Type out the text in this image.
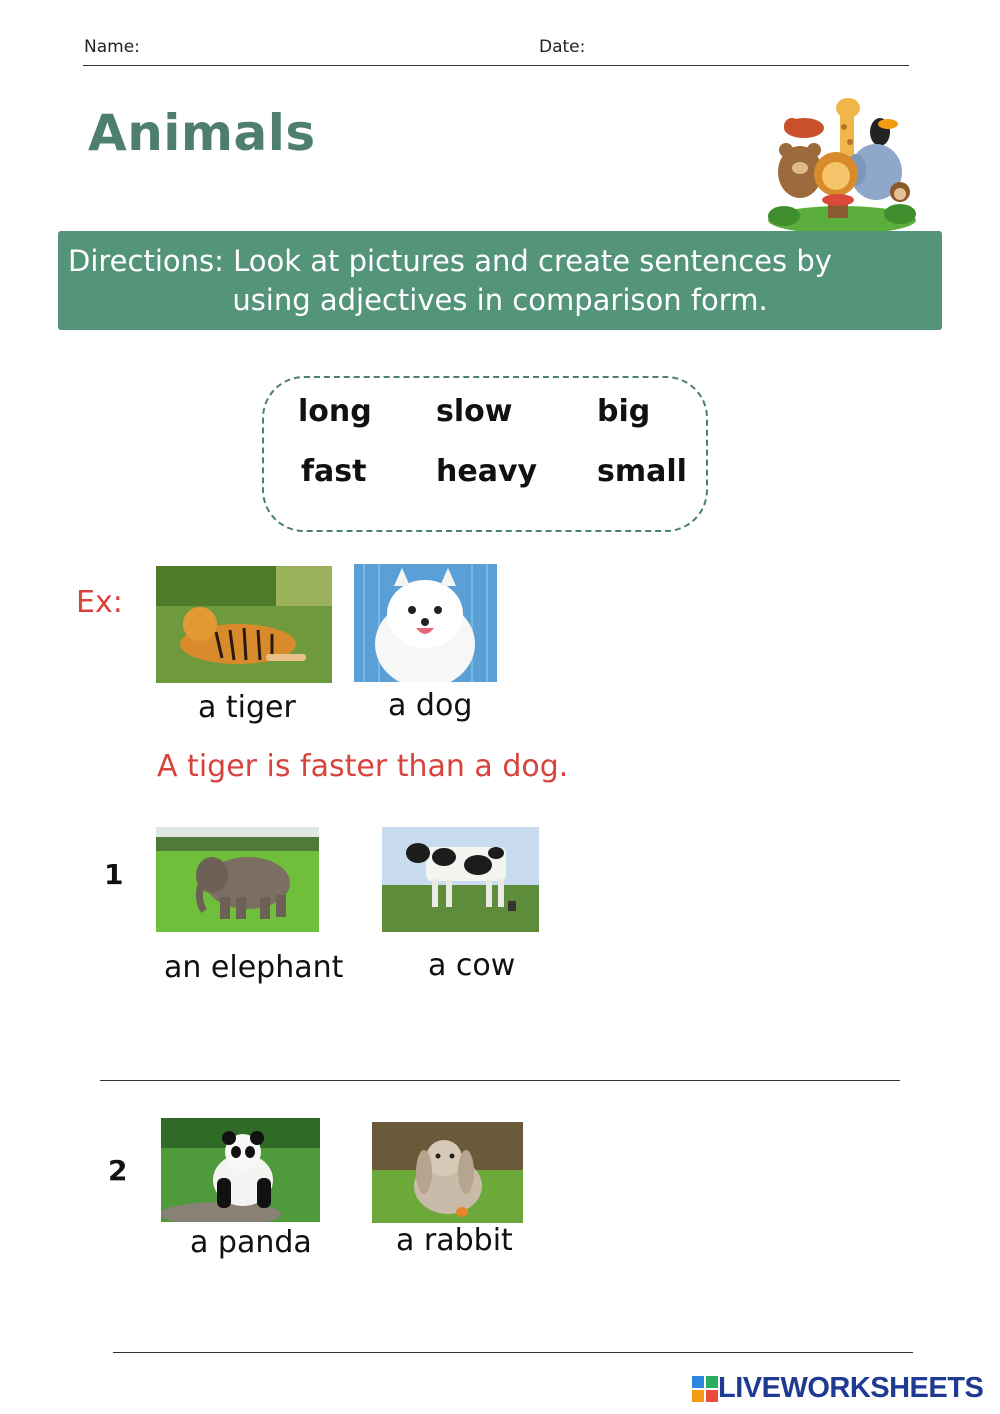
Name:	Date:
Animals
Directions: Look at pictures and create sentences by
using adjectives in comparison form.
long slow	big
fast heavy small
Ex:
a tiger	a dog
A tiger is faster than a dog.
1
an elephant	a cow
2
a panda	a rabbit
LIVEWORKSHEETS
